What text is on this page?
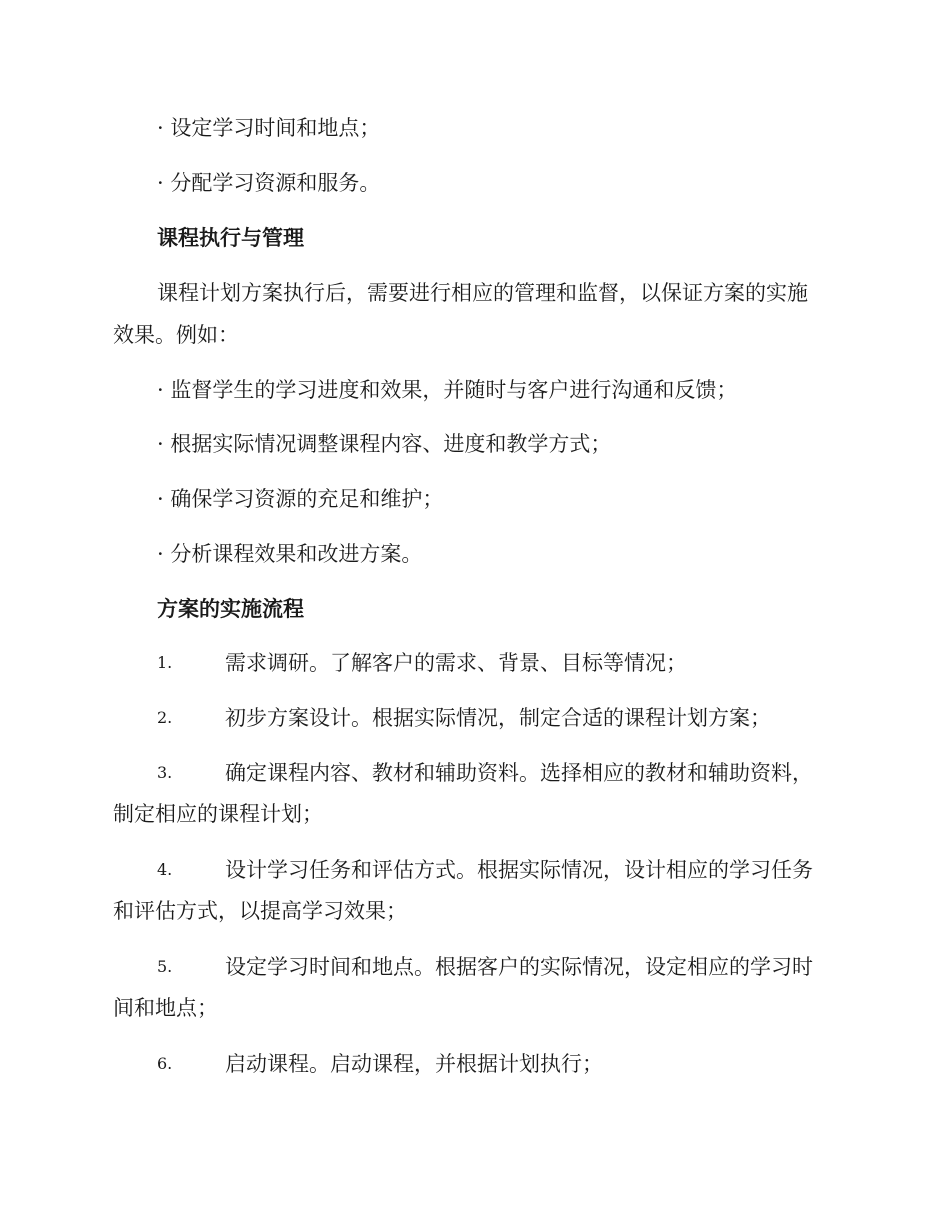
· 设定学习时间和地点；
· 分配学习资源和服务。
课程执行与管理
课程计划方案执行后，需要进行相应的管理和监督，以保证方案的实施
效果。例如：
· 监督学生的学习进度和效果，并随时与客户进行沟通和反馈；
· 根据实际情况调整课程内容、进度和教学方式；
· 确保学习资源的充足和维护；
· 分析课程效果和改进方案。
方案的实施流程
1.	需求调研。了解客户的需求、背景、目标等情况；
2.	初步方案设计。根据实际情况，制定合适的课程计划方案；
3.	确定课程内容、教材和辅助资料。选择相应的教材和辅助资料，
制定相应的课程计划；
4.	设计学习任务和评估方式。根据实际情况，设计相应的学习任务
和评估方式，以提高学习效果；
5.	设定学习时间和地点。根据客户的实际情况，设定相应的学习时
间和地点；
6.	启动课程。启动课程，并根据计划执行；
